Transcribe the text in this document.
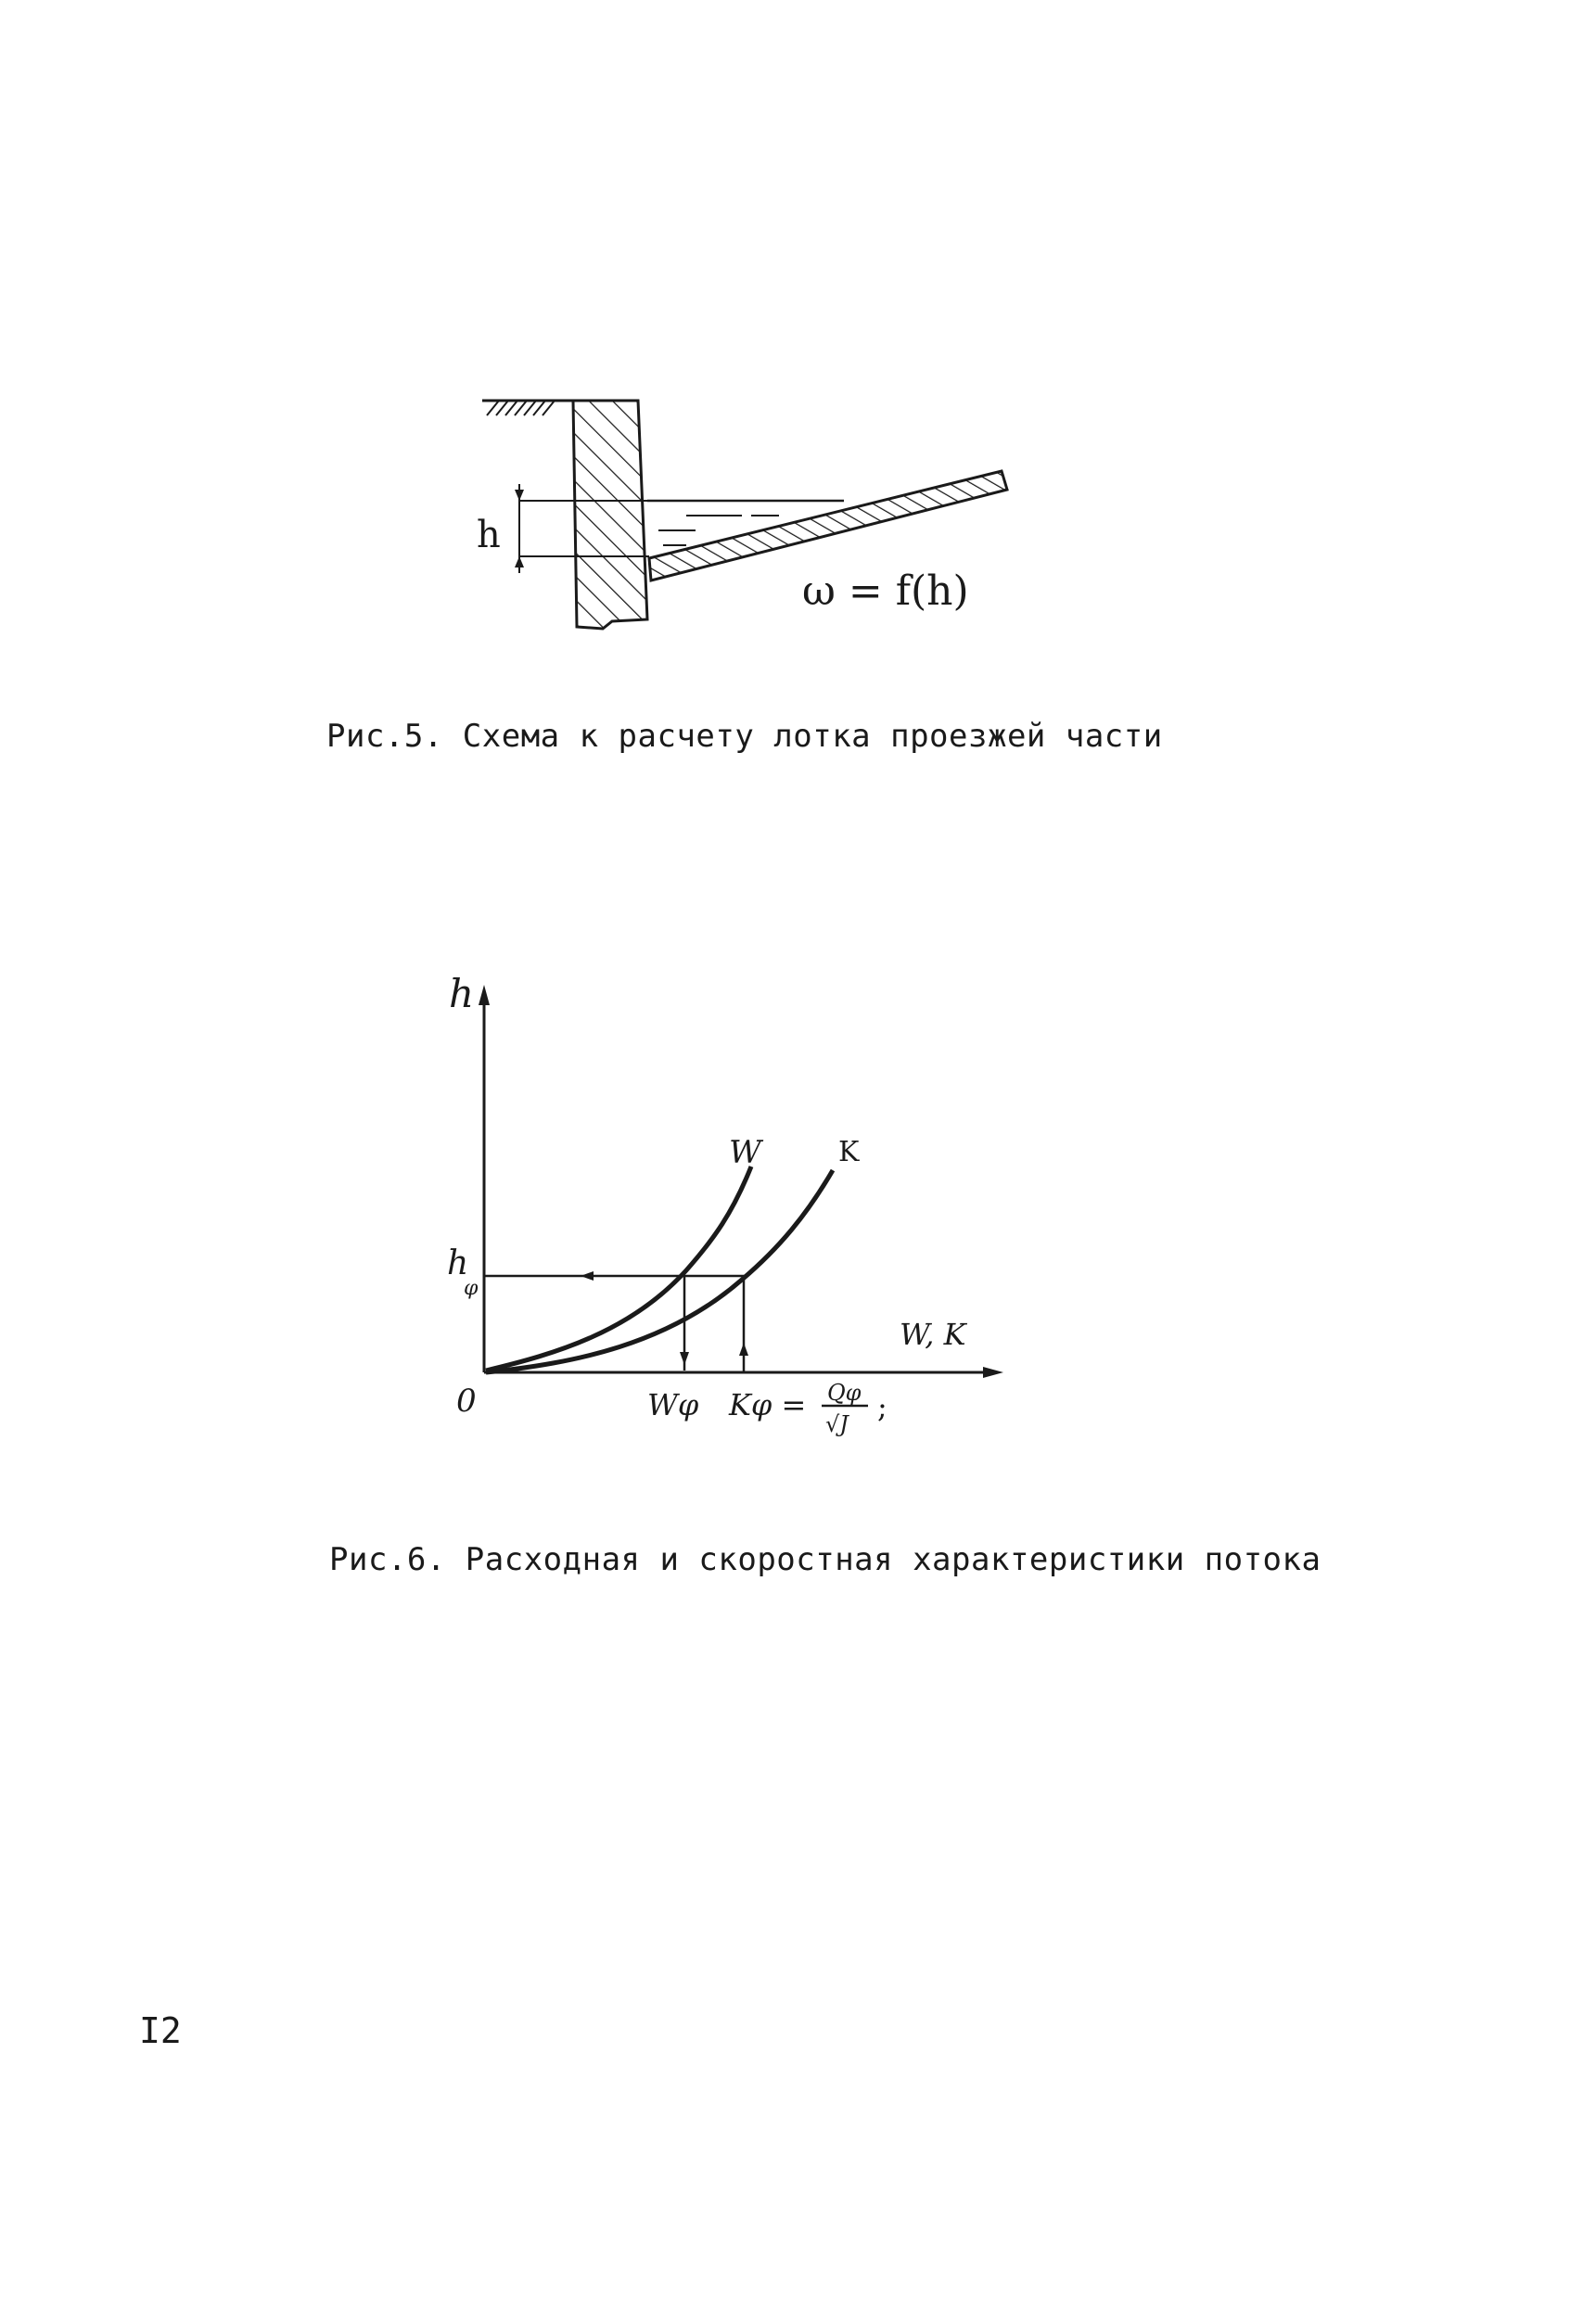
h
ω = f(h)
Рис.5. Схема к расчету лотка проезжей части
h
0
W, K
h
φ
W	K
Wφ Kφ = Qφ
√J ;
Рис.6. Расходная и скоростная характеристики потока
I2
